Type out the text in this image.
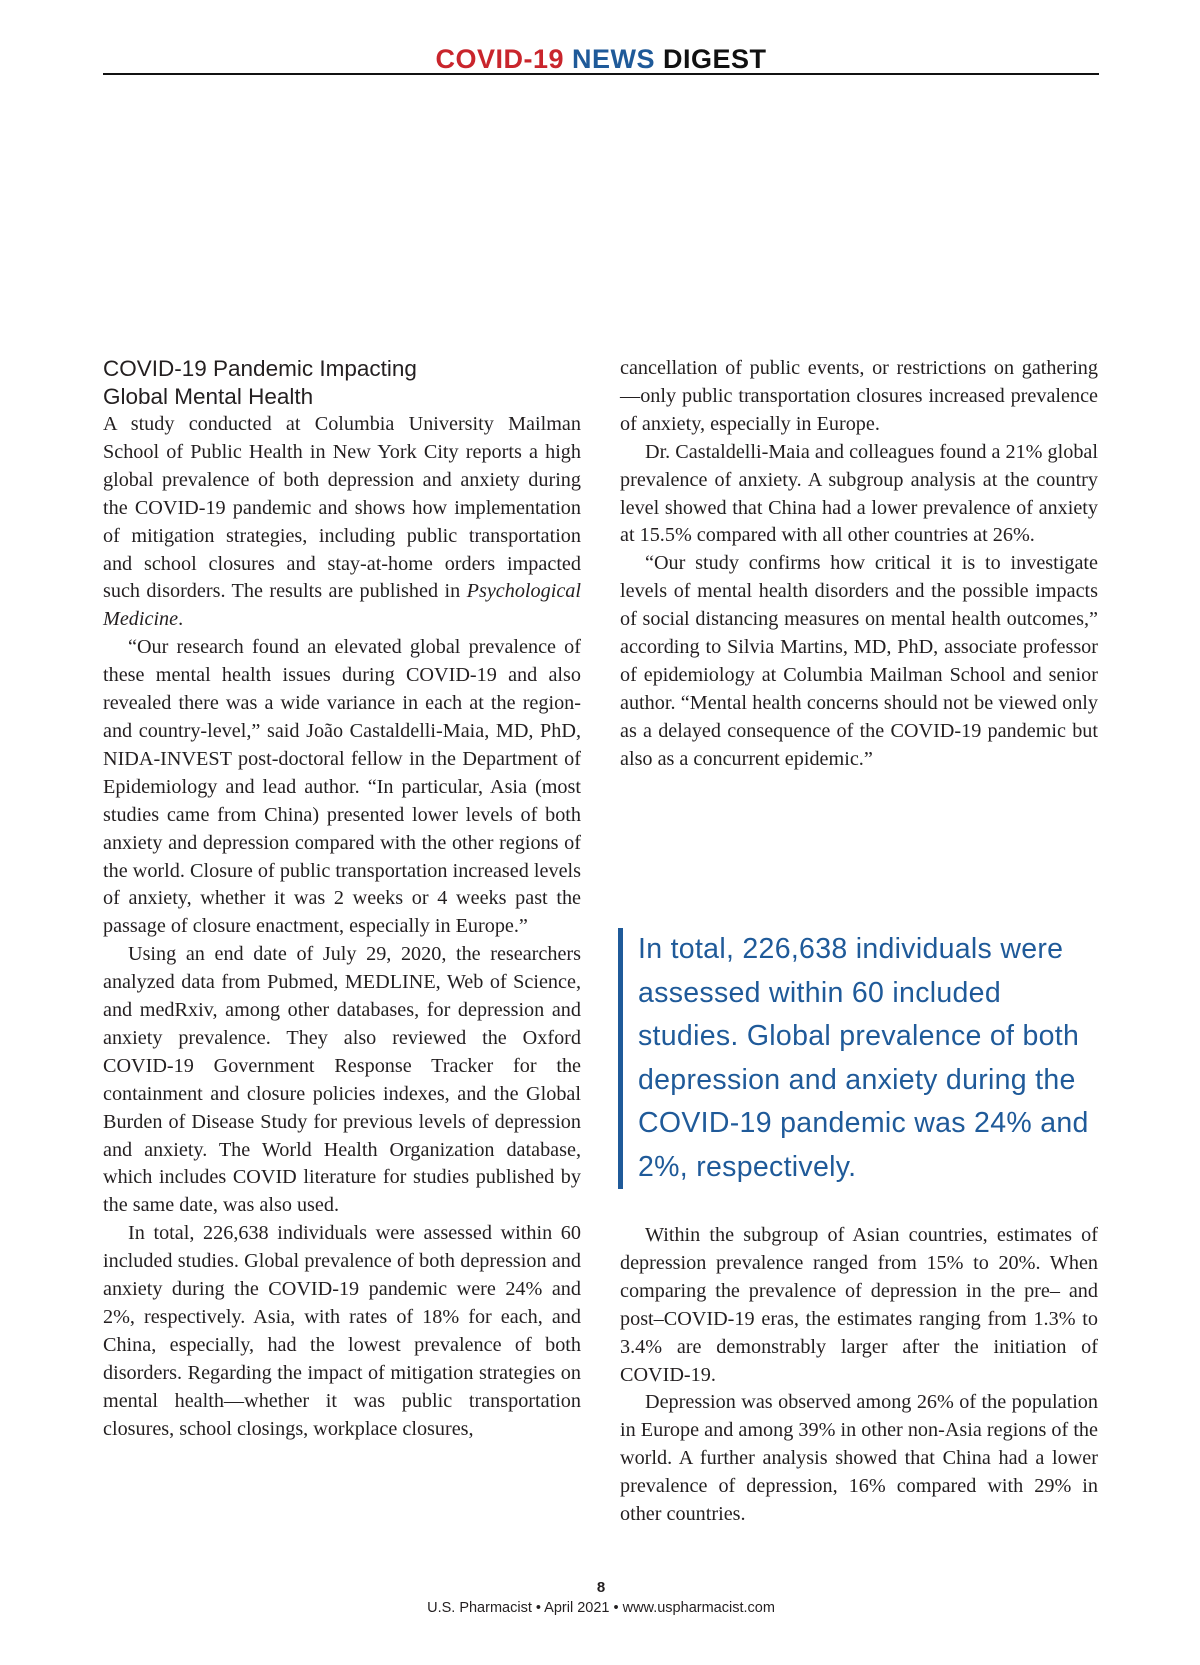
COVID-19 NEWS DIGEST
COVID-19 Pandemic Impacting
Global Mental Health

A study conducted at Columbia University Mailman School of Public Health in New York City reports a high global prevalence of both depression and anxiety during the COVID-19 pandemic and shows how implementation of mitigation strategies, including public transportation and school closures and stay-at-home orders impacted such disorders. The results are published in Psychological Medicine.

“Our research found an elevated global prevalence of these mental health issues during COVID-19 and also revealed there was a wide variance in each at the region- and country-level,” said João Castaldelli-Maia, MD, PhD, NIDA-INVEST post-doctoral fellow in the Department of Epidemiology and lead author. “In particular, Asia (most studies came from China) presented lower levels of both anxiety and depression compared with the other regions of the world. Closure of public transportation increased levels of anxiety, whether it was 2 weeks or 4 weeks past the passage of closure enactment, especially in Europe.”

Using an end date of July 29, 2020, the researchers analyzed data from Pubmed, MEDLINE, Web of Science, and medRxiv, among other databases, for depression and anxiety prevalence. They also reviewed the Oxford COVID-19 Government Response Tracker for the containment and closure policies indexes, and the Global Burden of Disease Study for previous levels of depression and anxiety. The World Health Organization database, which includes COVID literature for studies published by the same date, was also used.

In total, 226,638 individuals were assessed within 60 included studies. Global prevalence of both depression and anxiety during the COVID-19 pandemic were 24% and 2%, respectively. Asia, with rates of 18% for each, and China, especially, had the lowest prevalence of both disorders. Regarding the impact of mitigation strategies on mental health—whether it was public transportation closures, school closings, workplace closures,

cancellation of public events, or restrictions on gathering—only public transportation closures increased prevalence of anxiety, especially in Europe.

Dr. Castaldelli-Maia and colleagues found a 21% global prevalence of anxiety. A subgroup analysis at the country level showed that China had a lower prevalence of anxiety at 15.5% compared with all other countries at 26%.

“Our study confirms how critical it is to investigate levels of mental health disorders and the possible impacts of social distancing measures on mental health outcomes,” according to Silvia Martins, MD, PhD, associate professor of epidemiology at Columbia Mailman School and senior author. “Mental health concerns should not be viewed only as a delayed consequence of the COVID-19 pandemic but also as a concurrent epidemic.”

In total, 226,638 individuals were assessed within 60 included studies. Global prevalence of both depression and anxiety during the COVID-19 pandemic was 24% and 2%, respectively.

Within the subgroup of Asian countries, estimates of depression prevalence ranged from 15% to 20%. When comparing the prevalence of depression in the pre– and post–COVID-19 eras, the estimates ranging from 1.3% to 3.4% are demonstrably larger after the initiation of COVID-19.

Depression was observed among 26% of the population in Europe and among 39% in other non-Asia regions of the world. A further analysis showed that China had a lower prevalence of depression, 16% compared with 29% in other countries.

8
U.S. Pharmacist • April 2021 • www.uspharmacist.com
